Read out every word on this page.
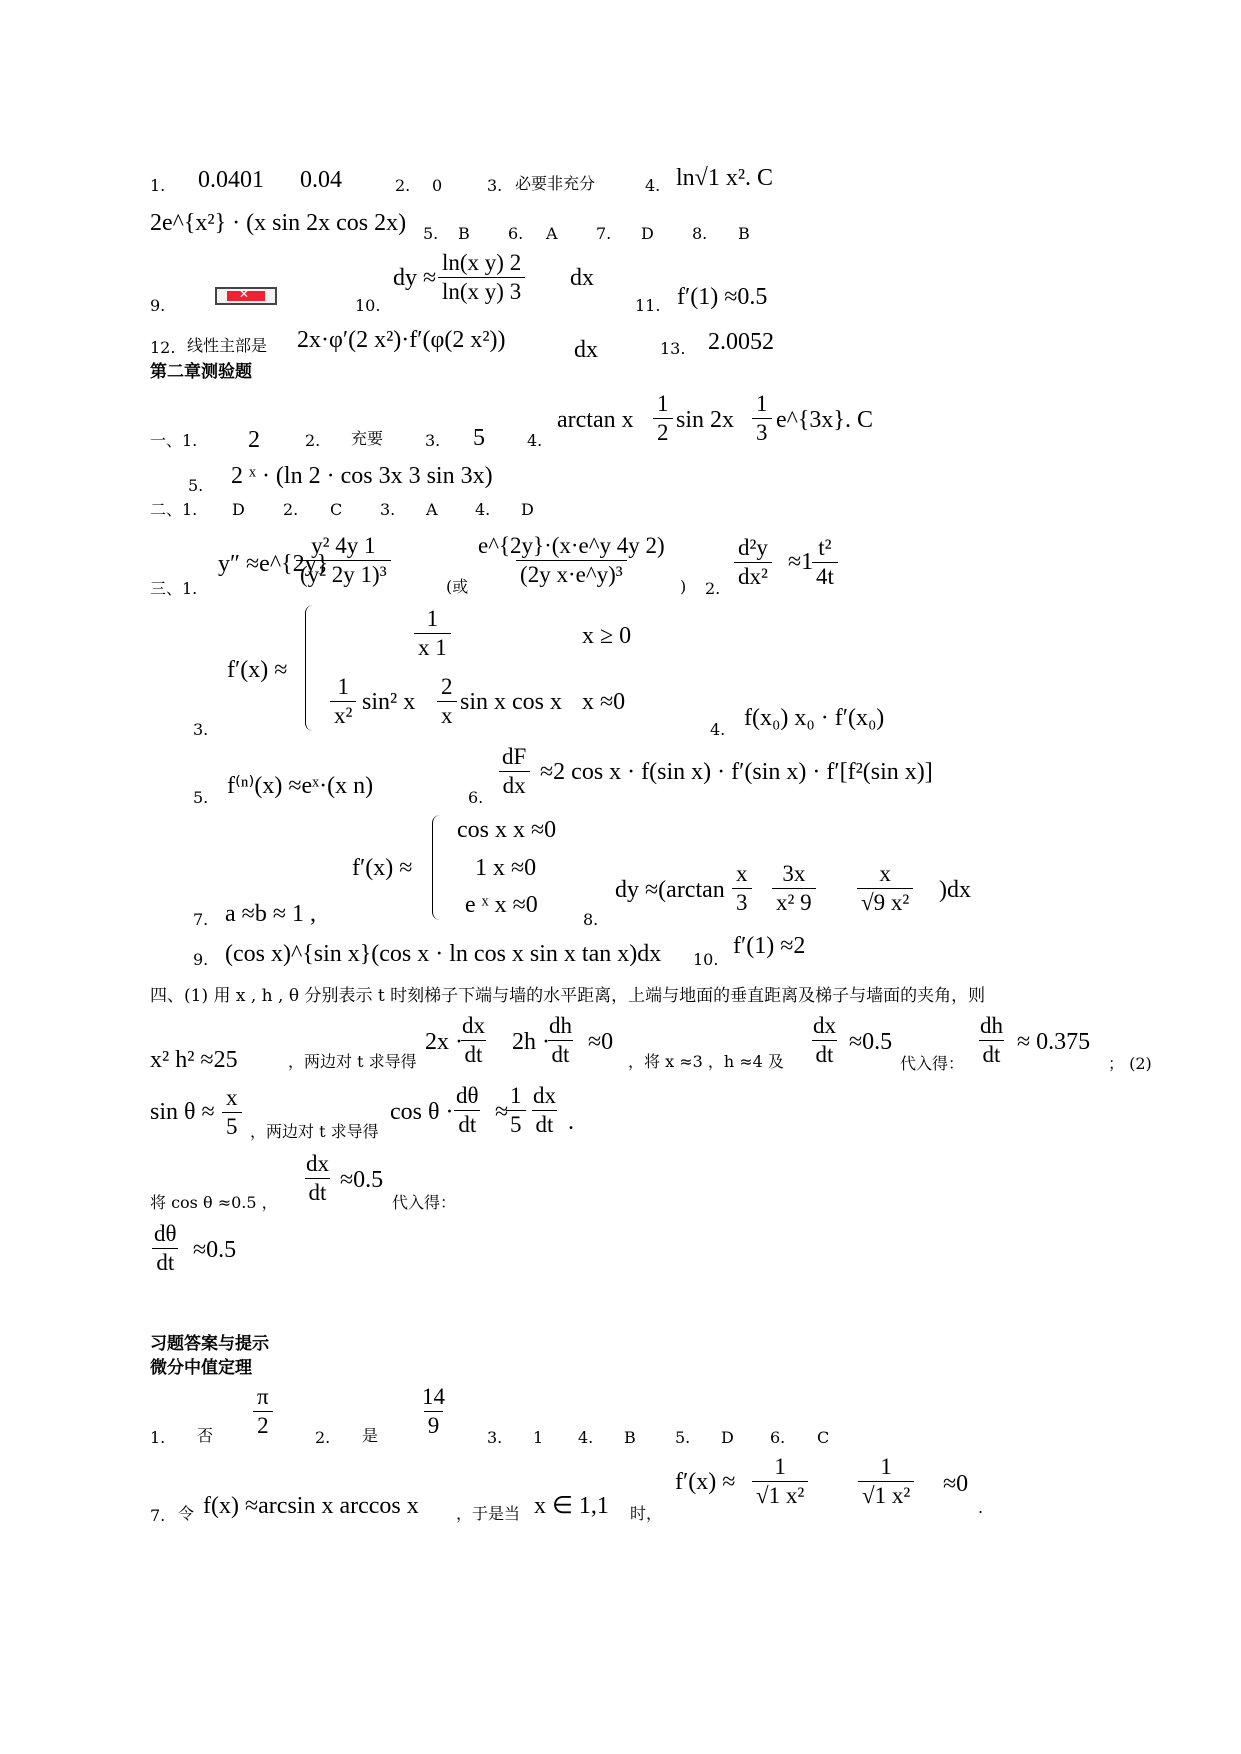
1. 0.0401 0.04	2. 0	3. 必要非充分	4. ln√1 x². C
2e^{x²} · (x sin 2x cos 2x) 5. B 6. A 7. D 8. B
9.
✕	10.
dy ≈ $\frac{\text{ln(x y) 2}}{\text{ln(x y) 3}}$ dx
11. f′(1) ≈0.5
12. 线性主部是 2x·φ′(2 x²)·f′(φ(2 x²))	dx	13. 2.0052
第二章测验题
一、1. 2	2. 充要	3. 5	4.
arctan x $\frac{1}{2}$ $\sin 2x \frac{1}{3}$ e^{3x}. C
5. 2 ˣ · (ln 2 · cos 3x 3 sin 3x)
二、1. D 2. C 3. A 4. D
三、1.
y″ ≈e^{2y}
$\frac{\text{y² 4y 1}}{\text{(y² 2y 1)³}}$	(或 $\frac{e\^{}\{2y\}\cdot(x\cdot e\^{}y 4y 2)}{\text{(2y x·e\textasciicircum{}y)³}}$ ) 2. $\frac{\text{d²y}}{\text{dx²}} \approx 1$
$\frac{\text{t²}}{4t}$
3.
f′(x) ≈
$\frac{1}{x 1}$	x ≥ 0
$\frac{1}{\text{x²}} \sin^2$ x $\frac{2}{x}$ sin x cos x x ≈0
4. f(x₀) x₀ · f′(x₀)
5. f⁽ⁿ⁾(x) ≈eˣ·(x n)	6. $\frac{dF}{dx} \approx 2$ cos x · f(sin x) · f′(sin x) · f′[f²(sin x)]
7. a ≈b ≈ 1 ,
f′(x) ≈
cos x x ≈0
1 x ≈0
e ˣ x ≈0
8.
dy $\approx(\arctan \frac{x}{3} \frac{3x}{\text{x² 9}} \frac{x}{\text{√9 x²}} )dx$
9. (cos x)^{sin x}(cos x · ln cos x sin x tan x)dx 10.
f′(1) ≈2
四、(1) 用 x , h , θ 分别表示 t 时刻梯子下端与墙的水平距离，上端与地面的垂直距离及梯子与墙面的夹角，则
x² h² ≈25	，两边对 t 求导得
2x ·
$\frac{dx}{dt} 2h$ ·
$\frac{dh}{dt} \approx 0$
，将 x ≈3 ，h ≈4 及 $\frac{dx}{dt} \approx 0.5$
代入得： $\frac{dh}{dt} \approx 0.375$
； (2)
$\sin \theta \approx \frac{x}{5}$ ，两边对 t 求导得
cos θ ·
$\frac{d\theta}{dt}$ ≈
$\frac{1}{5} \frac{dx}{dt}$ .
将 cos θ ≈0.5 ， $\frac{dx}{dt} \approx 0.5$
代入得：
$\frac{d\theta}{dt} \approx 0.5$
习题答案与提示
微分中值定理
1. 否 $\frac{\pi}{2}$	2. 是 $\frac{14}{9} 3$. 1 4. B 5. D 6. C
7. 令 f(x) ≈arcsin x arccos x ，于是当 x ∈ 1,1 时，
$f'(x) \approx \frac{1}{\text{√1 x²}} \frac{1}{\text{√1 x²}} \approx 0$
.
